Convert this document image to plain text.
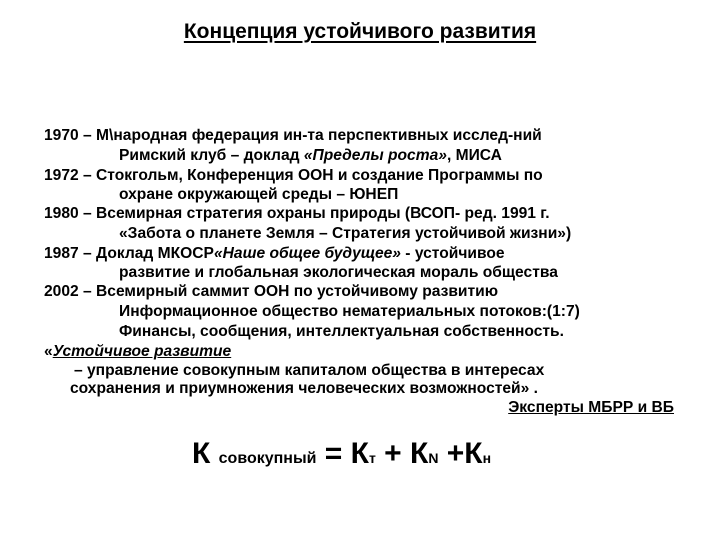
Концепция устойчивого развития
1970 – М\народная федерация ин-та перспективных исслед-ний
Римский клуб – доклад «Пределы роста», МИСА
1972 – Стокгольм, Конференция ООН и создание Программы по
охране окружающей среды – ЮНЕП
1980 – Всемирная стратегия охраны природы (ВСОП- ред. 1991 г.
«Забота о планете Земля – Стратегия устойчивой жизни»)
1987 – Доклад МКОСР«Наше общее будущее» - устойчивое
развитие и глобальная экологическая мораль общества
2002 – Всемирный саммит ООН по устойчивому развитию
Информационное общество нематериальных потоков:(1:7)
Финансы, сообщения, интеллектуальная собственность.
«Устойчивое развитие
– управление совокупным капиталом общества в интересах
сохранения и приумножения человеческих возможностей» .
Эксперты МБРР и ВБ
К совокупный = Кт + КN +Кн
